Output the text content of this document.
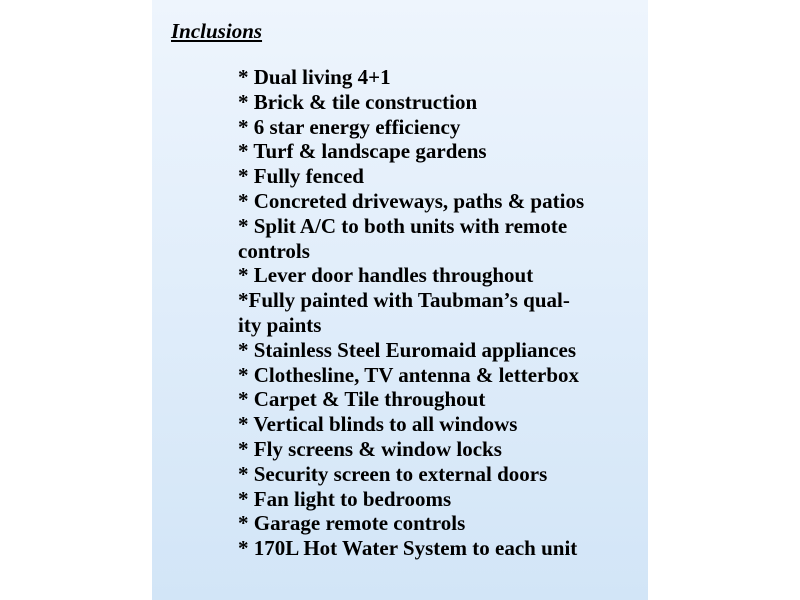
Inclusions
* Dual living 4+1
* Brick & tile construction
* 6 star energy efficiency
* Turf & landscape gardens
* Fully fenced
* Concreted driveways, paths & patios
* Split A/C to both units with remote
controls
* Lever door handles throughout
*Fully painted with Taubman’s qual-
ity paints
* Stainless Steel Euromaid appliances
* Clothesline, TV antenna & letterbox
* Carpet & Tile throughout
* Vertical blinds to all windows
* Fly screens & window locks
* Security screen to external doors
* Fan light to bedrooms
* Garage remote controls
* 170L Hot Water System to each unit
